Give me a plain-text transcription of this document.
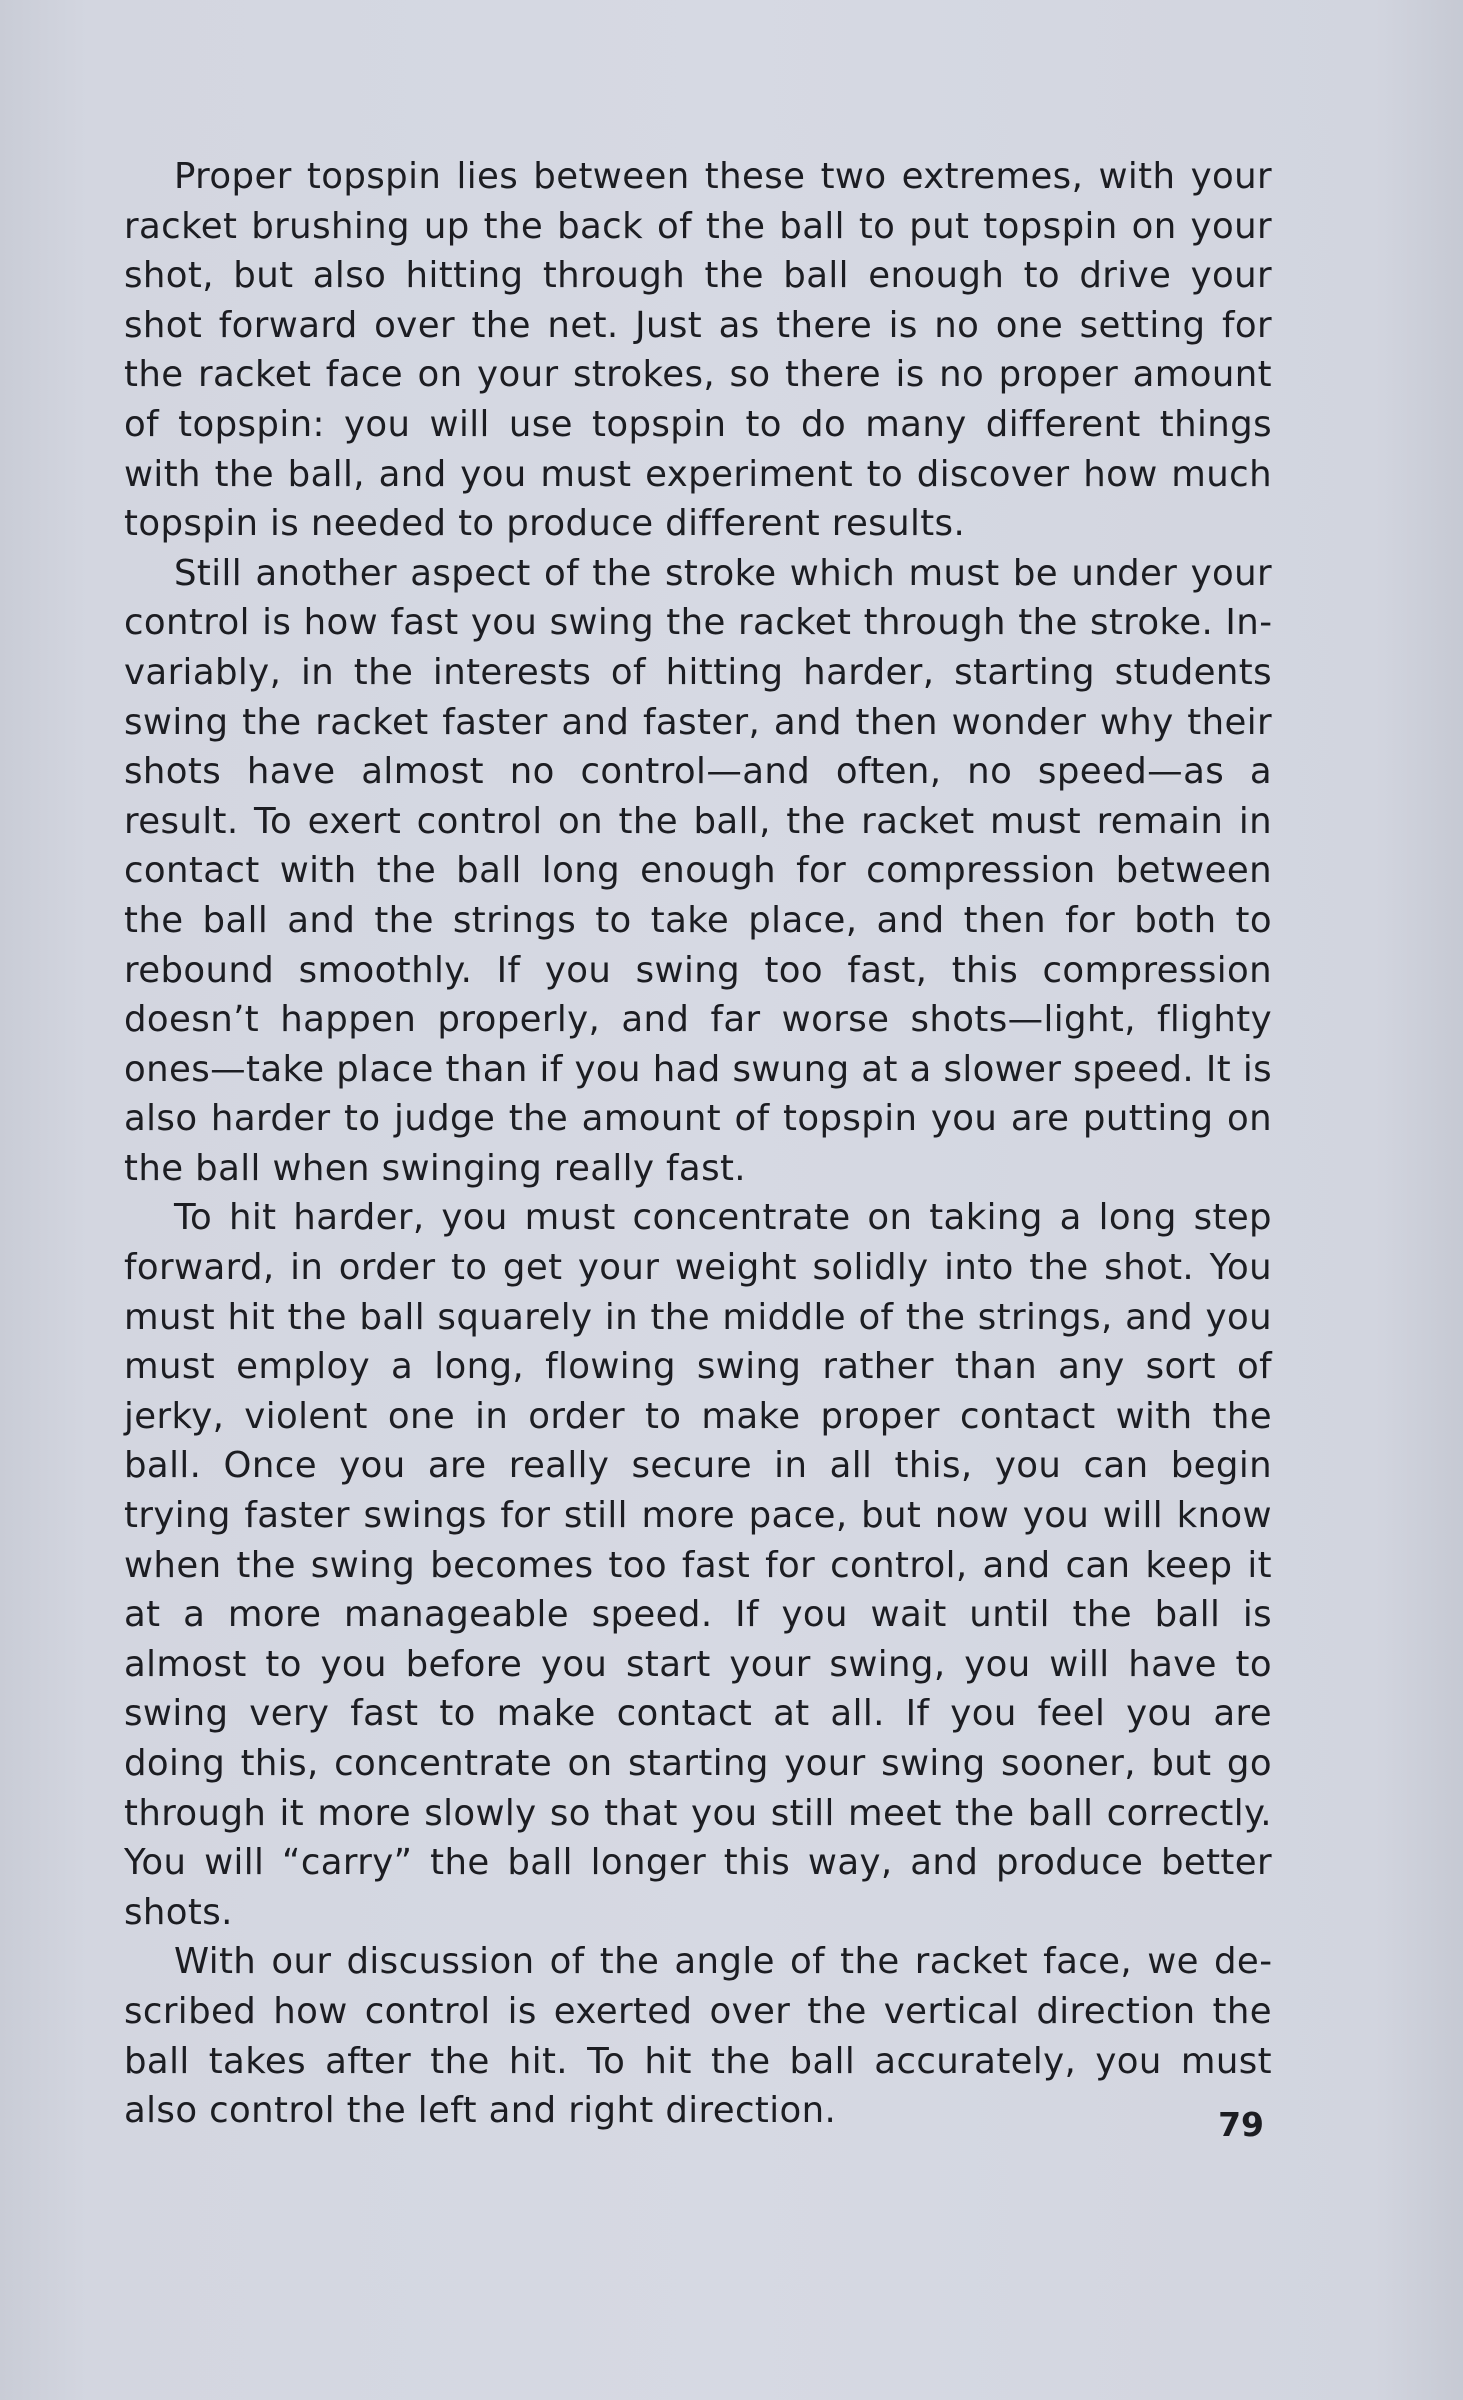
Proper topspin lies between these two extremes, with your racket brushing up the back of the ball to put topspin on your shot, but also hitting through the ball enough to drive your shot forward over the net. Just as there is no one setting for the racket face on your strokes, so there is no proper amount of topspin: you will use topspin to do many different things with the ball, and you must experiment to discover how much topspin is needed to produce different results.

Still another aspect of the stroke which must be under your control is how fast you swing the racket through the stroke. Invariably, in the interests of hitting harder, starting students swing the racket faster and faster, and then wonder why their shots have almost no control—and often, no speed—as a result. To exert control on the ball, the racket must remain in contact with the ball long enough for compression between the ball and the strings to take place, and then for both to rebound smoothly. If you swing too fast, this compression doesn’t happen properly, and far worse shots—light, flighty ones—take place than if you had swung at a slower speed. It is also harder to judge the amount of topspin you are putting on the ball when swinging really fast.

To hit harder, you must concentrate on taking a long step forward, in order to get your weight solidly into the shot. You must hit the ball squarely in the middle of the strings, and you must employ a long, flowing swing rather than any sort of jerky, violent one in order to make proper contact with the ball. Once you are really secure in all this, you can begin trying faster swings for still more pace, but now you will know when the swing becomes too fast for control, and can keep it at a more manageable speed. If you wait until the ball is almost to you before you start your swing, you will have to swing very fast to make contact at all. If you feel you are doing this, concentrate on starting your swing sooner, but go through it more slowly so that you still meet the ball correctly. You will “carry” the ball longer this way, and produce better shots.

With our discussion of the angle of the racket face, we described how control is exerted over the vertical direction the ball takes after the hit. To hit the ball accurately, you must also control the left and right direction.	79
